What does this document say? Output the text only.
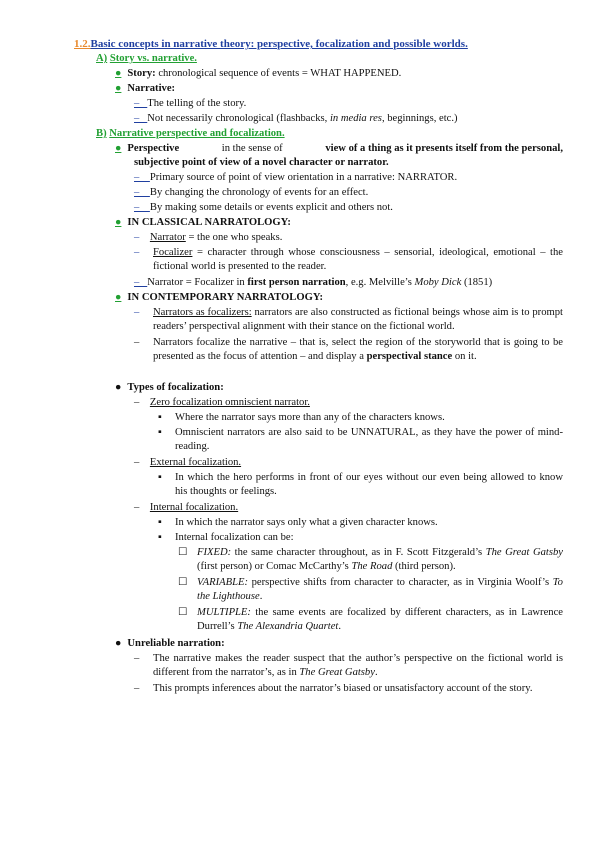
1.2.Basic concepts in narrative theory: perspective, focalization and possible worlds.
A) Story vs. narrative.
● Story: chronological sequence of events = WHAT HAPPENED.
● Narrative:
–   The telling of the story.
–   Not necessarily chronological (flashbacks, in media res, beginnings, etc.)
B) Narrative perspective and focalization.
● Perspective	in the sense of	view of a thing as it presents itself from the personal,
subjective point of view of a novel character or narrator.
–    Primary source of point of view orientation in a narrative: NARRATOR.
–    By changing the chronology of events for an effect.
–    By making some details or events explicit and others not.
● IN CLASSICAL NARRATOLOGY:
– Narrator = the one who speaks.
– Focalizer = character through whose consciousness – sensorial, ideological, emotional – the fictional world is presented to the reader.
–   Narrator = Focalizer in first person narration, e.g. Melville’s Moby Dick (1851)
● IN CONTEMPORARY NARRATOLOGY:
– Narrators as focalizers: narrators are also constructed as fictional beings whose aim is to prompt readers’ perspectival alignment with their stance on the fictional world.
– Narrators focalize the narrative – that is, select the region of the storyworld that is going to be presented as the focus of attention – and display a perspectival stance on it.
● Types of focalization:
– Zero focalization omniscient narrator.
▪ Where the narrator says more than any of the characters knows.
▪ Omniscient narrators are also said to be UNNATURAL, as they have the power of mind-reading.
– External focalization.
▪ In which the hero performs in front of our eyes without our even being allowed to know his thoughts or feelings.
– Internal focalization.
▪ In which the narrator says only what a given character knows.
▪ Internal focalization can be:
☐ FIXED: the same character throughout, as in F. Scott Fitzgerald’s The Great Gatsby (first person) or Comac McCarthy’s The Road (third person).
☐ VARIABLE: perspective shifts from character to character, as in Virginia Woolf’s To the Lighthouse.
☐ MULTIPLE: the same events are focalized by different characters, as in Lawrence Durrell’s The Alexandria Quartet.
● Unreliable narration:
– The narrative makes the reader suspect that the author’s perspective on the fictional world is different from the narrator’s, as in The Great Gatsby.
– This prompts inferences about the narrator’s biased or unsatisfactory account of the story.
